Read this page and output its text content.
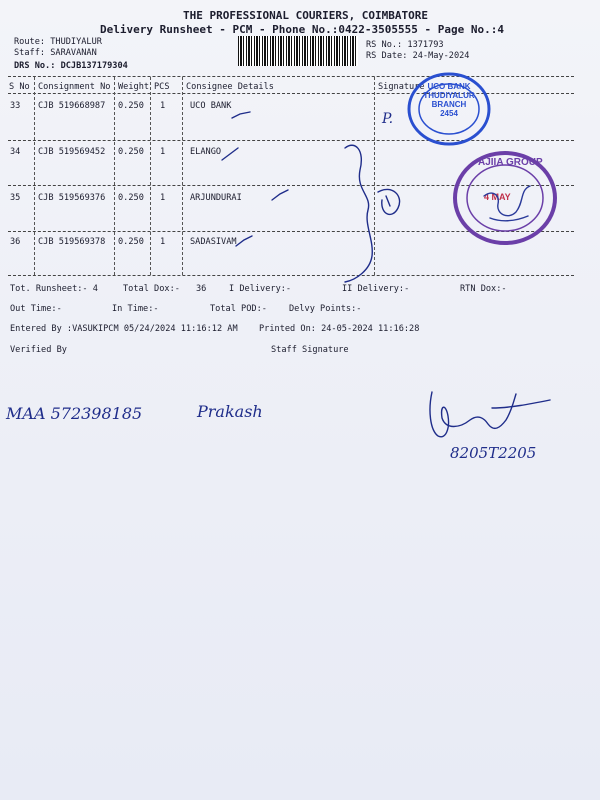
THE PROFESSIONAL COURIERS, COIMBATORE
Delivery Runsheet - PCM - Phone No.:0422-3505555 - Page No.:4
Route: THUDIYALUR
Staff: SARAVANAN
DRS No.: DCJB137179304
RS No.: 1371793
RS Date: 24-May-2024
S No Consignment No Weight PCS Consignee Details	Signature
33 CJB 519668987 0.250 1	UCO BANK
34 CJB 519569452 0.250 1	ELANGO
35 CJB 519569376 0.250 1	ARJUNDURAI
36 CJB 519569378 0.250 1	SADASIVAM
Tot. Runsheet:- 4	Total Dox:- 36	I Delivery:-	II Delivery:-	RTN Dox:-
Out Time:-	In Time:-	Total POD:-	Delvy Points:-
Entered By :VASUKIPCM 05/24/2024 11:16:12 AM Printed On: 24-05-2024 11:16:28
Verified By	Staff Signature
UCO BANK
THUDIYALUR
BRANCH
2454
AJIIA GROUP
4 MAY
P.
MAA 572398185	Prakash
8205T2205
